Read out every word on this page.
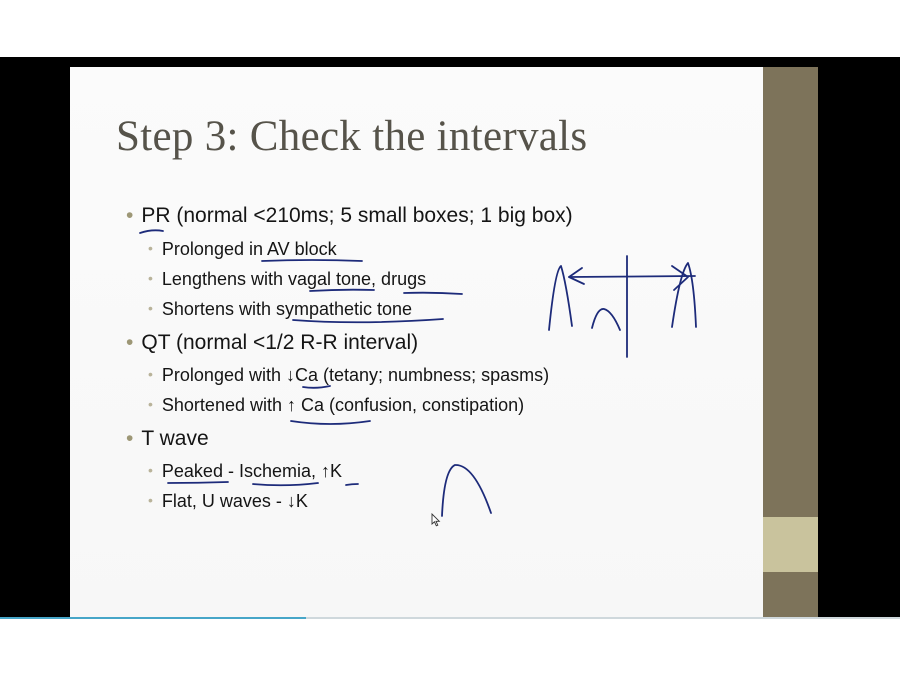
Step 3: Check the intervals
• PR (normal <210ms; 5 small boxes; 1 big box)
• Prolonged in AV block
• Lengthens with vagal tone, drugs
• Shortens with sympathetic tone
• QT (normal <1/2 R-R interval)
• Prolonged with ↓Ca (tetany; numbness; spasms)
• Shortened with ↑ Ca (confusion, constipation)
• T wave
• Peaked - Ischemia, ↑K
• Flat, U waves - ↓K
